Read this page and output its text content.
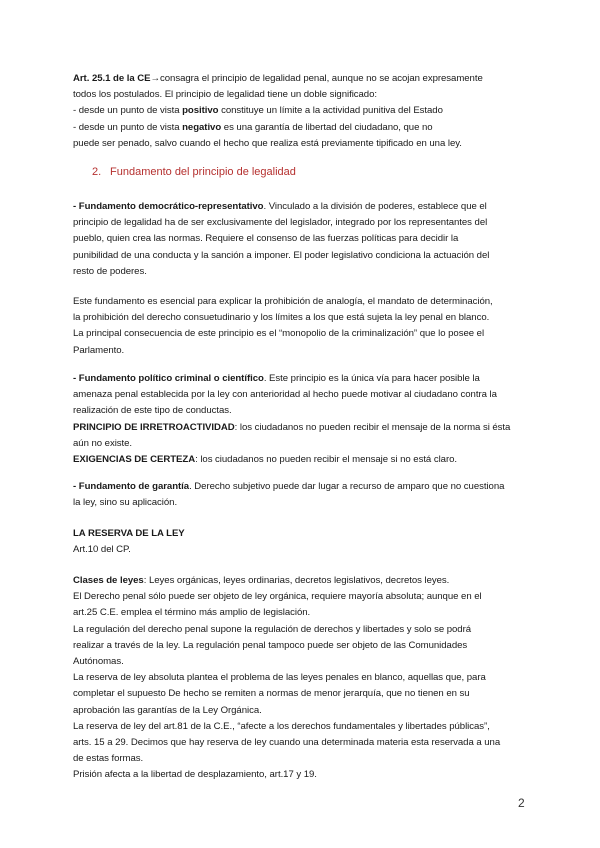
Art. 25.1 de la CE→consagra el principio de legalidad penal, aunque no se acojan expresamente

todos los postulados. El principio de legalidad tiene un doble significado:

- desde un punto de vista positivo constituye un límite a la actividad punitiva del Estado

- desde un punto de vista negativo es una garantía de libertad del ciudadano, que no

puede ser penado, salvo cuando el hecho que realiza está previamente tipificado en una ley.

2. Fundamento del principio de legalidad

- Fundamento democrático-representativo. Vinculado a la división de poderes, establece que el

principio de legalidad ha de ser exclusivamente del legislador, integrado por los representantes del

pueblo, quien crea las normas. Requiere el consenso de las fuerzas políticas para decidir la

punibilidad de una conducta y la sanción a imponer. El poder legislativo condiciona la actuación del

resto de poderes.

Este fundamento es esencial para explicar la prohibición de analogía, el mandato de determinación,

la prohibición del derecho consuetudinario y los límites a los que está sujeta la ley penal en blanco.

La principal consecuencia de este principio es el “monopolio de la criminalización” que lo posee el

Parlamento.

- Fundamento político criminal o científico. Este principio es la única vía para hacer posible la

amenaza penal establecida por la ley con anterioridad al hecho puede motivar al ciudadano contra la

realización de este tipo de conductas.

PRINCIPIO DE IRRETROACTIVIDAD: los ciudadanos no pueden recibir el mensaje de la norma si ésta

aún no existe.

EXIGENCIAS DE CERTEZA: los ciudadanos no pueden recibir el mensaje si no está claro.

- Fundamento de garantía. Derecho subjetivo puede dar lugar a recurso de amparo que no cuestiona

la ley, sino su aplicación.

LA RESERVA DE LA LEY

Art.10 del CP.

Clases de leyes: Leyes orgánicas, leyes ordinarias, decretos legislativos, decretos leyes.

El Derecho penal sólo puede ser objeto de ley orgánica, requiere mayoría absoluta; aunque en el

art.25 C.E. emplea el término más amplio de legislación.

La regulación del derecho penal supone la regulación de derechos y libertades y solo se podrá

realizar a través de la ley. La regulación penal tampoco puede ser objeto de las Comunidades

Autónomas.

La reserva de ley absoluta plantea el problema de las leyes penales en blanco, aquellas que, para

completar el supuesto De hecho se remiten a normas de menor jerarquía, que no tienen en su

aprobación las garantías de la Ley Orgánica.

La reserva de ley del art.81 de la C.E., “afecte a los derechos fundamentales y libertades públicas”,

arts. 15 a 29. Decimos que hay reserva de ley cuando una determinada materia esta reservada a una

de estas formas.

Prisión afecta a la libertad de desplazamiento, art.17 y 19.

2
